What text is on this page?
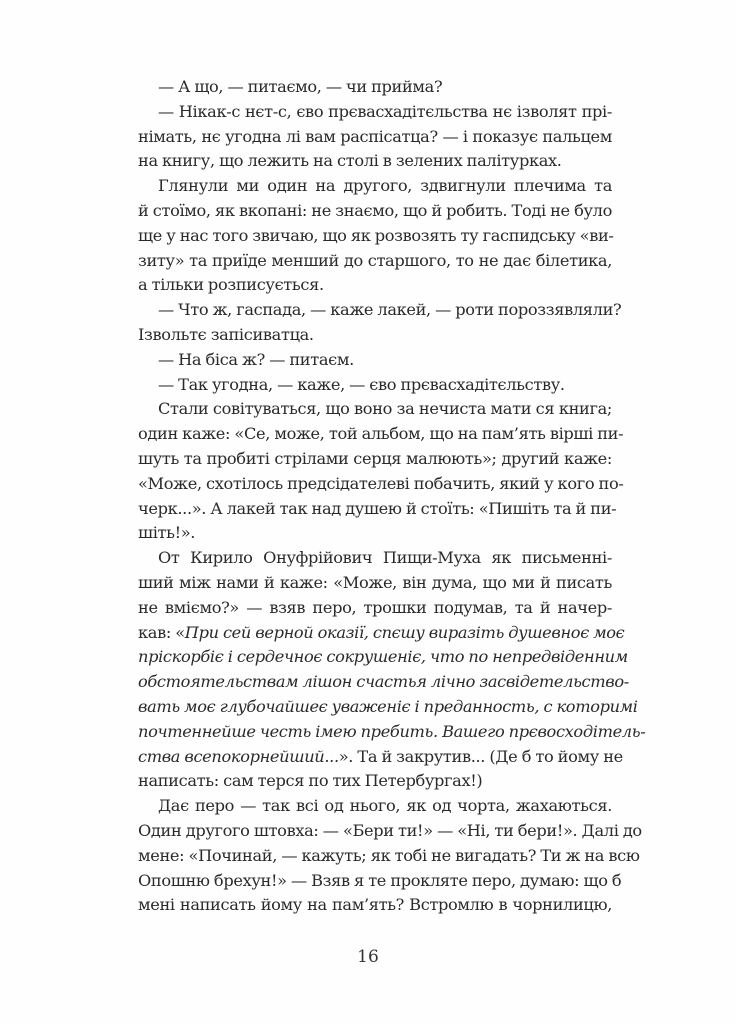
— А що, — питаємо, — чи прийма?
— Нікак-с нєт-с, єво прєвасхадітєльства нє ізволят прі-
німать, нє угодна лі вам распісатца? — і показує пальцем
на книгу, що лежить на столі в зелених палітурках.
Глянули ми один на другого, здвигнули плечима та
й стоїмо, як вкопані: не знаємо, що й робить. Тоді не було
ще у нас того звичаю, що як розвозять ту гаспидську «ви-
зиту» та приїде менший до старшого, то не дає білетика,
а тільки розписується.
— Что ж, гаспада, — каже лакей, — роти пороззявляли?
Ізвольтє запісиватца.
— На біса ж? — питаєм.
— Так угодна, — каже, — єво прєвасхадітєльству.
Стали совітуваться, що воно за нечиста мати ся книга;
один каже: «Се, може, той альбом, що на пам’ять вірші пи-
шуть та пробиті стрілами серця малюють»; другий каже:
«Може, схотілось предсідателеві побачить, який у кого по-
черк...». А лакей так над душею й стоїть: «Пишіть та й пи-
шіть!».
От Кирило Онуфрійович Пищи-Муха як письменні-
ший між нами й каже: «Може, він дума, що ми й писать
не вміємо?» — взяв перо, трошки подумав, та й начер-
кав: «При сей верной оказії, спєшу виразіть душевноє моє
пріскорбіє і сердечноє сокрушеніє, что по непредвіденним
обстоятельствам лішон счастья лічно засвідетельство-
вать моє глубочайшеє уваженіє і преданность, с которимі
почтеннейше честь імею пребить. Вашего прєвосходітель-
ства всепокорнейший...». Та й закрутив... (Де б то йому не
написать: сам терся по тих Петербургах!)
Дає перо — так всі од нього, як од чорта, жахаються.
Один другого штовха: — «Бери ти!» — «Ні, ти бери!». Далі до
мене: «Починай, — кажуть; як тобі не вигадать? Ти ж на всю
Опошню брехун!» — Взяв я те прокляте перо, думаю: що б
мені написать йому на пам’ять? Встромлю в чорнилицю,
16
